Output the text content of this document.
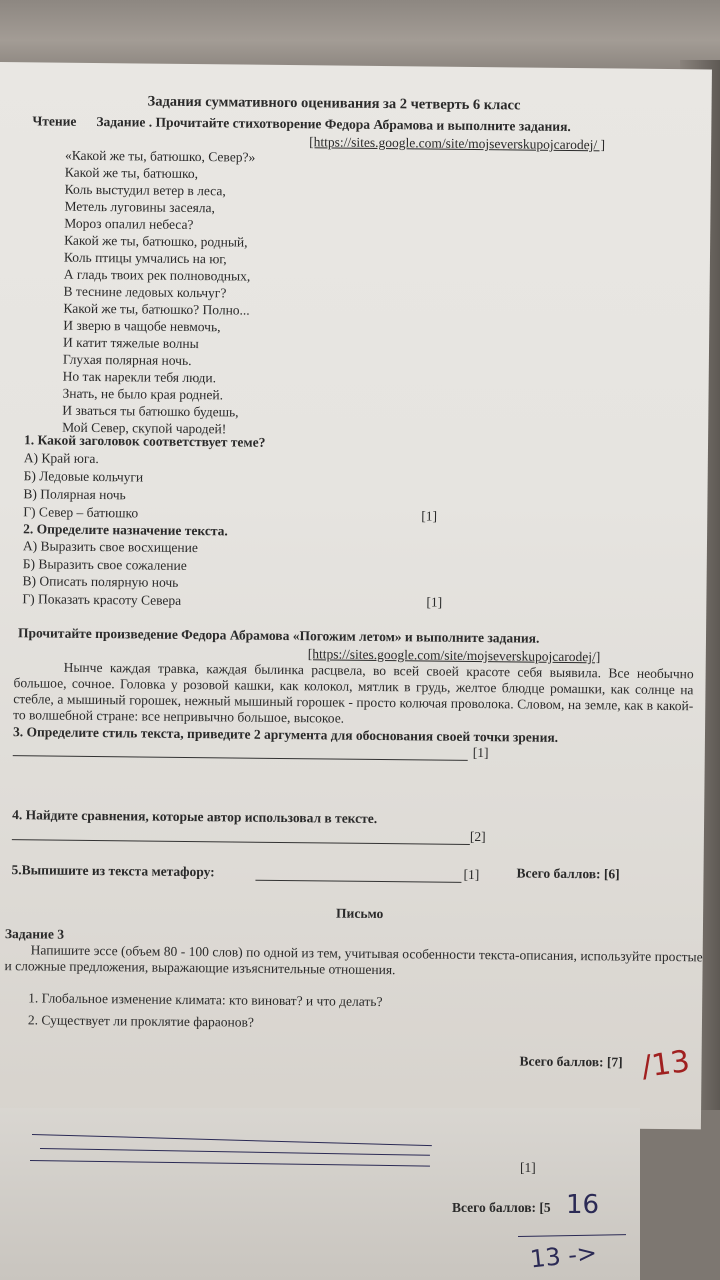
Задания суммативного оценивания за 2 четверть 6 класс
Чтение Задание . Прочитайте стихотворение Федора Абрамова и выполните задания.
[https://sites.google.com/site/mojseverskupojcarodej/ ]
«Какой же ты, батюшко, Север?»
Какой же ты, батюшко,
Коль выстудил ветер в леса,
Метель луговины засеяла,
Мороз опалил небеса?
Какой же ты, батюшко, родный,
Коль птицы умчались на юг,
А гладь твоих рек полноводных,
В теснине ледовых кольчуг?
Какой же ты, батюшко? Полно...
И зверю в чащобе невмочь,
И катит тяжелые волны
Глухая полярная ночь.
Но так нарекли тебя люди.
Знать, не было края родней.
И зваться ты батюшко будешь,
Мой Север, скупой чародей!
1. Какой заголовок соответствует теме?
А) Край юга.
Б) Ледовые кольчуги
В) Полярная ночь
Г) Север – батюшко	[1]
2. Определите назначение текста.
А) Выразить свое восхищение
Б) Выразить свое сожаление
В) Описать полярную ночь
Г) Показать красоту Севера	[1]
Прочитайте произведение Федора Абрамова «Погожим летом» и выполните задания.
[https://sites.google.com/site/mojseverskupojcarodej/]
Нынче каждая травка, каждая былинка расцвела, во всей своей красоте себя выявила. Все необычно большое, сочное. Головка у розовой кашки, как колокол, мятлик в грудь, желтое блюдце ромашки, как солнце на стебле, а мышиный горошек, нежный мышиный горошек - просто колючая проволока. Словом, на земле, как в какой-то волшебной стране: все непривычно большое, высокое.
3. Определите стиль текста, приведите 2 аргумента для обоснования своей точки зрения.
[1]
4. Найдите сравнения, которые автор использовал в тексте.
[2]
5.Выпишите из текста метафору:	[1]	Всего баллов: [6]
Письмо
Задание 3
Напишите эссе (объем 80 - 100 слов) по одной из тем, учитывая особенности текста-описания, используйте простые и сложные предложения, выражающие изъяснительные отношения.
1. Глобальное изменение климата: кто виноват? и что делать?
2. Существует ли проклятие фараонов?
Всего баллов: [7] /13
[1]
Всего баллов: [5 16
13 ->
